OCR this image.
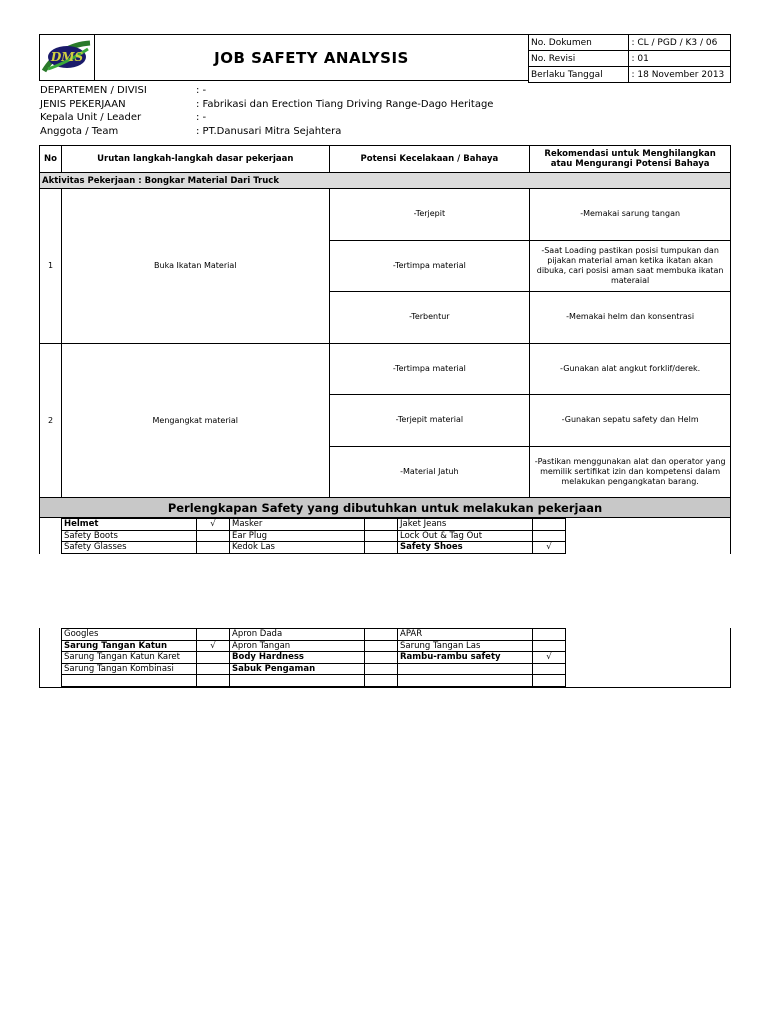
DMS	JOB SAFETY ANALYSIS
No. Dokumen	: CL / PGD / K3 / 06
No. Revisi	: 01
Berlaku Tanggal	: 18 November 2013
DEPARTEMEN / DIVISI	: -
JENIS PEKERJAAN	: Fabrikasi dan Erection Tiang Driving Range-Dago Heritage
Kepala Unit / Leader	: -
Anggota / Team	: PT.Danusari Mitra Sejahtera
No	Urutan langkah-langkah dasar pekerjaan	Potensi Kecelakaan / Bahaya	Rekomendasi untuk Menghilangkan atau Mengurangi Potensi Bahaya
Aktivitas Pekerjaan : Bongkar Material Dari Truck			
1	Buka Ikatan Material	-Terjepit	-Memakai sarung tangan
		-Tertimpa material	-Saat Loading pastikan posisi tumpukan dan pijakan material aman ketika ikatan akan dibuka, cari posisi aman saat membuka ikatan materaial
		-Terbentur	-Memakai helm dan konsentrasi
2	Mengangkat material	-Tertimpa material	-Gunakan alat angkut forklif/derek.
		-Terjepit material	-Gunakan sepatu safety dan Helm
		-Material Jatuh	-Pastikan menggunakan alat dan operator yang memilik sertifikat izin dan kompetensi dalam melakukan pengangkatan barang.
Perlengkapan Safety yang dibutuhkan untuk melakukan pekerjaan			
Helmet	√	Masker		Jaket Jeans	
Safety Boots		Ear Plug		Lock Out & Tag Out	
Safety Glasses		Kedok Las		Safety Shoes	√
Googles		Apron Dada		APAR	
Sarung Tangan Katun	√	Apron Tangan		Sarung Tangan Las	
Sarung Tangan Katun Karet		Body Hardness		Rambu-rambu safety	√
Sarung Tangan Kombinasi		Sabuk Pengaman			
